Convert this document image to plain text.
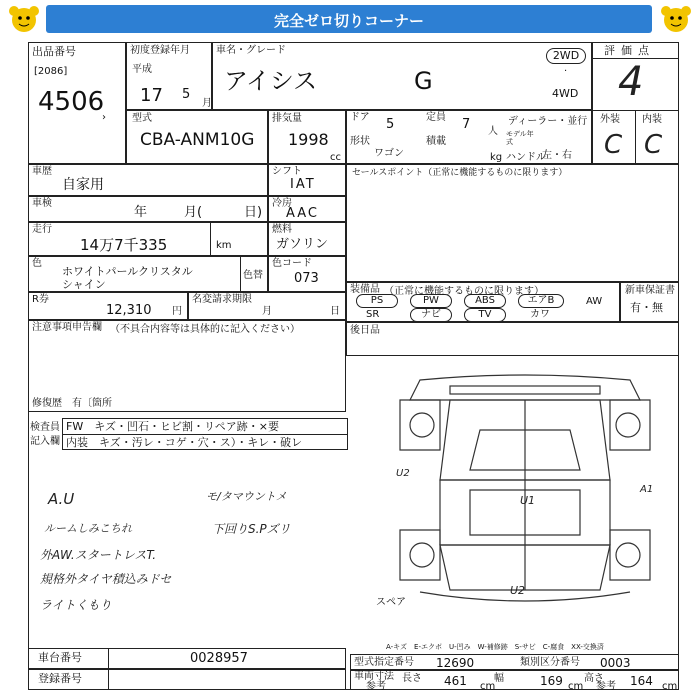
完全ゼロ切りコーナー
出品番号
[2086]
4506
›
初度登録年月
平成
17 5
月
車名・グレード
アイシス	G
2WD
·
4WD
型式
CBA-ANM10G
排気量
1998
cc
ドア 5	定員 7 人
ディーラー・並行
モデル年式
形状
ワゴン
積載
kg ハンドル
左・右
評価点
4
外装 内装
C C
車歴
自家用
車検
年	月(	日)
走行
14万7千335	km
色
ホワイトパールクリスタル
シャイン
色替
R券
12,310 円
名変請求期限
月	日
シフト
IAT
冷房
AAC
燃料
ガソリン
色コード
073
セールスポイント（正常に機能するものに限ります）
装備品 （正常に機能するものに限ります）
PS	PW	ABS	エアB	AW
SR	ナビ	TV	カワ
新車保証書
有・無
注意事項申告欄 （不具合内容等は具体的に記入ください）
修復歴 有〔箇所
後日品
検査員
記入欄
FW　キズ・凹石・ヒビ割・リペア跡・×要
内装　キズ・汚レ・コゲ・穴・ス）・キレ・破レ
A.U
ルームしみこちれ
外AW.スタートレスT.
規格外タイヤ積込みドセ
ライトくもり
モ/タマウントメ
下回りS.Pズリ
U1
U2
U2
A1
スペア
A-キズ　E-エクボ　U-凹み　W-補修跡　S-サビ　C-腐食　XX-交換済
車台番号	0028957
登録番号
型式指定番号 12690	類別区分番号 0003
車両寸法
参考
長さ 461 cm
幅	169 cm
高さ
参考 164 cm
